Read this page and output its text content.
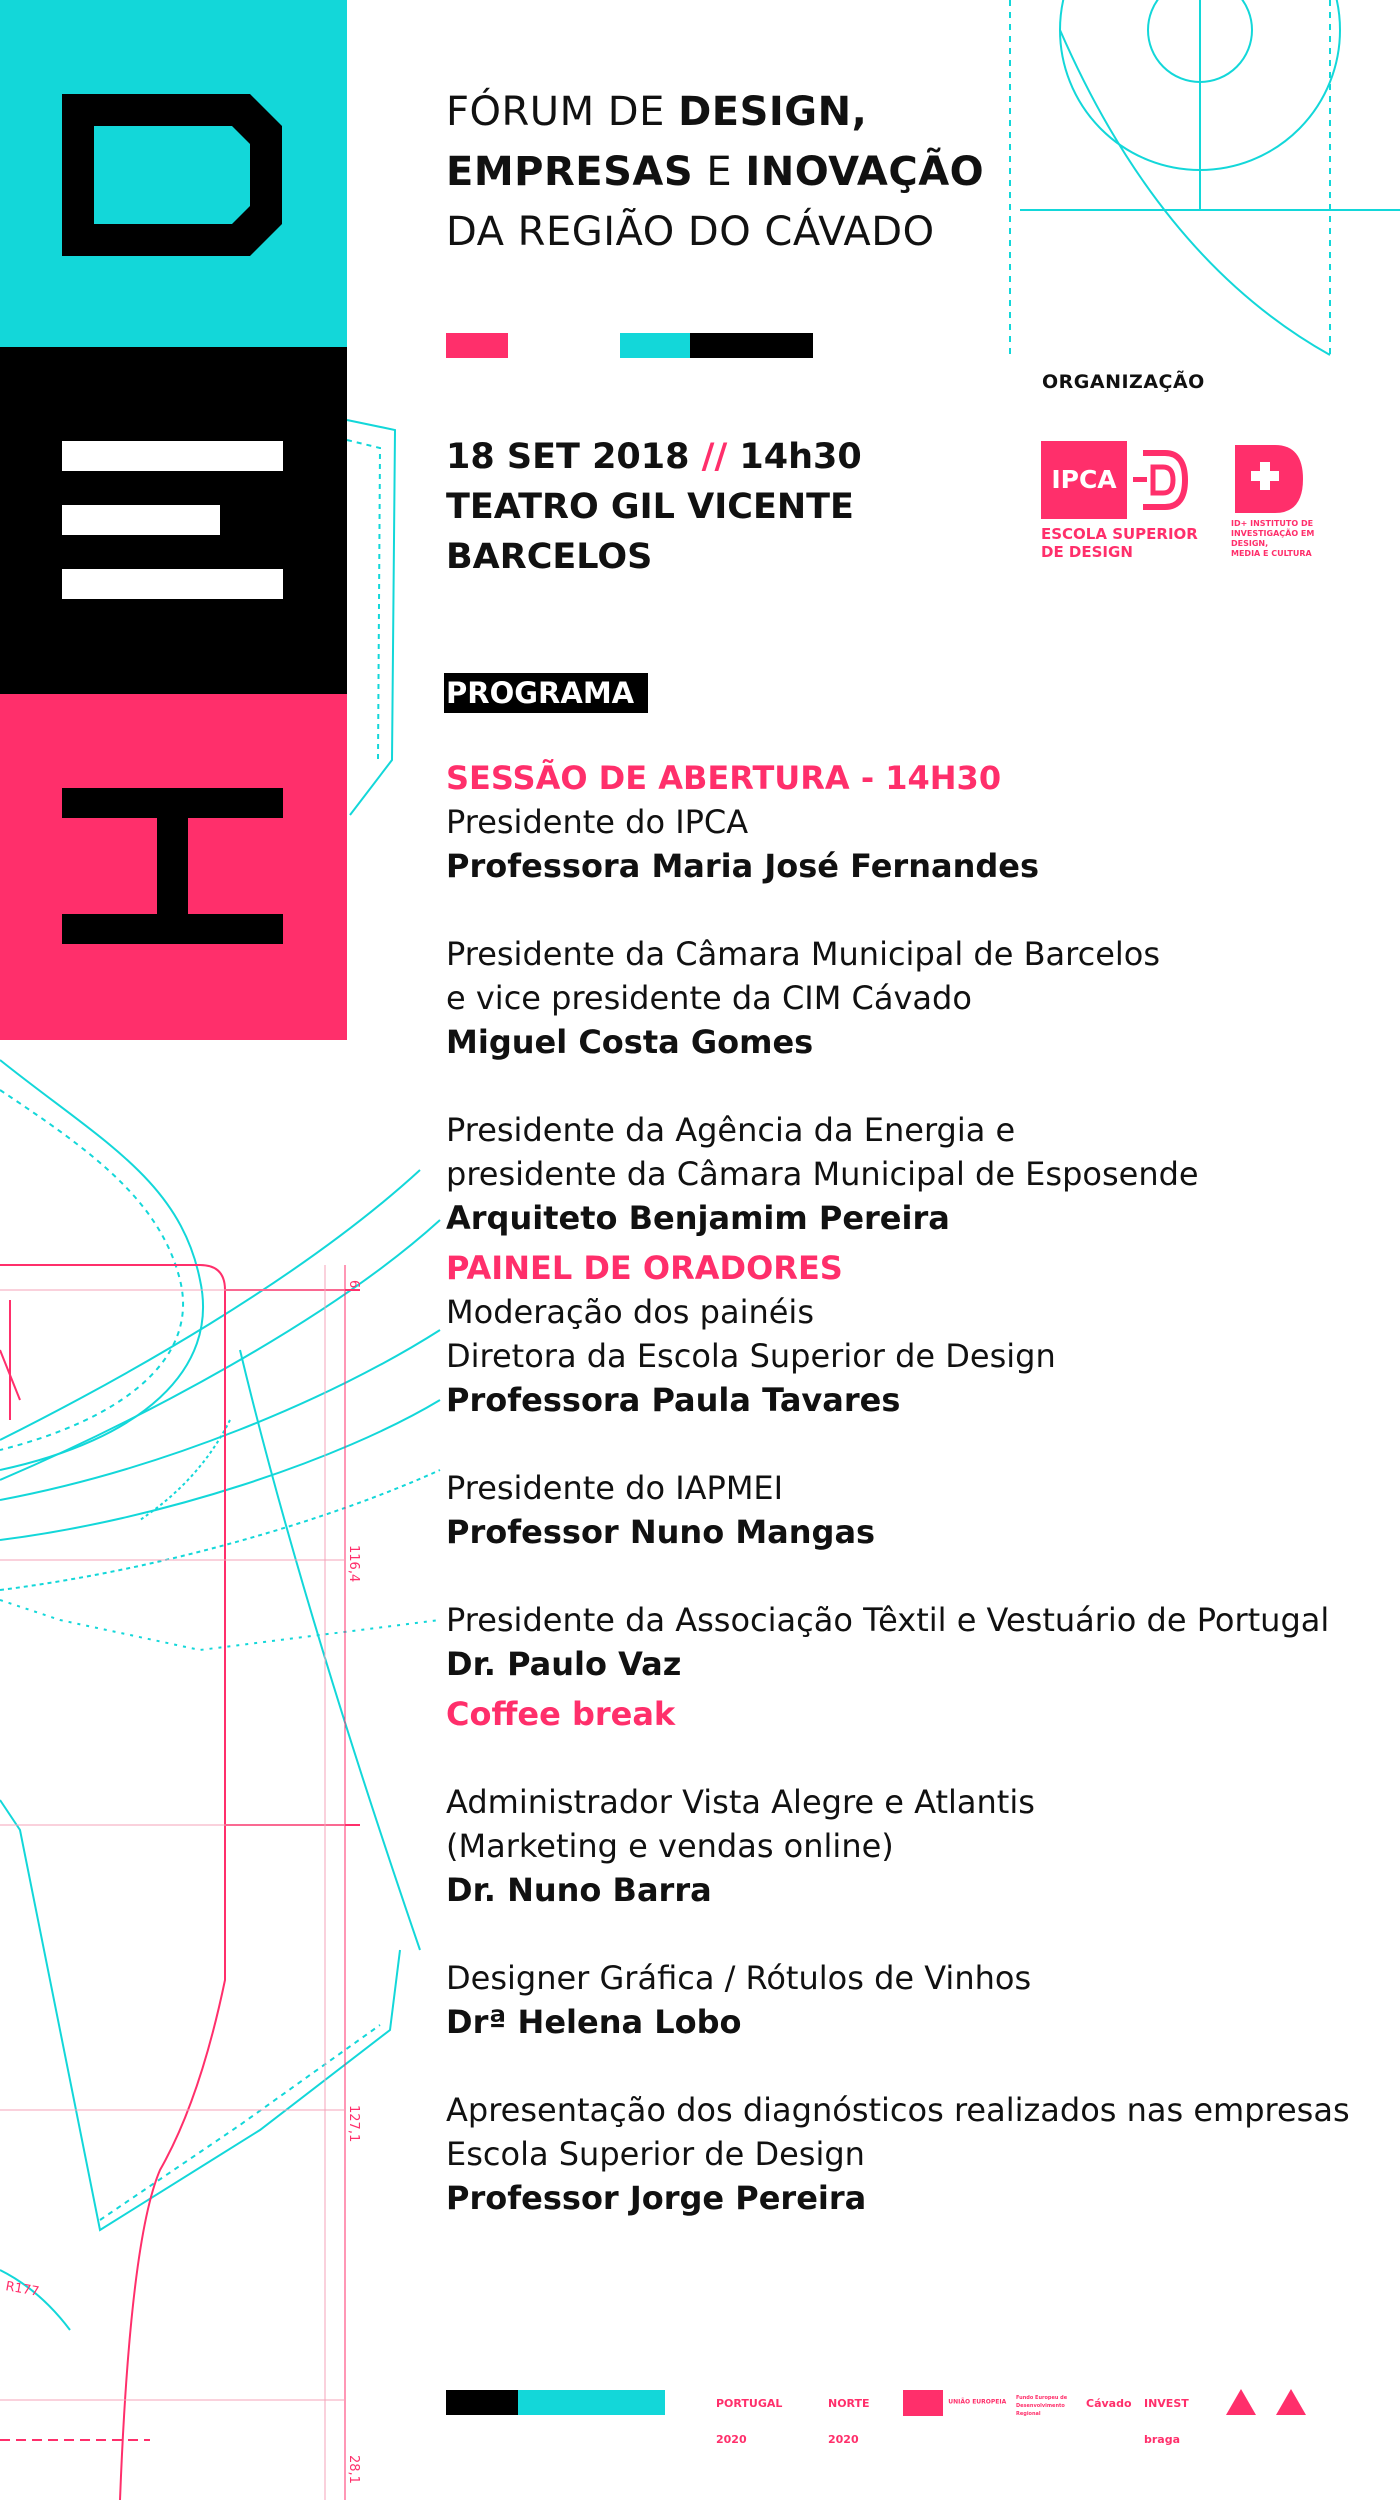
6
116,4
127,1
28,1
R177
FÓRUM DE DESIGN,
EMPRESAS E INOVAÇÃO
DA REGIÃO DO CÁVADO
18 SET 2018 // 14h30
TEATRO GIL VICENTE
BARCELOS
ORGANIZAÇÃO
IPCA
ESCOLA SUPERIOR
DE DESIGN
ID+ INSTITUTO DE
INVESTIGAÇÃO EM
DESIGN,
MEDIA E CULTURA
PROGRAMA
SESSÃO DE ABERTURA - 14H30
Presidente do IPCA
Professora Maria José Fernandes
Presidente da Câmara Municipal de Barcelos
e vice presidente da CIM Cávado
Miguel Costa Gomes
Presidente da Agência da Energia e
presidente da Câmara Municipal de Esposende
Arquiteto Benjamim Pereira
PAINEL DE ORADORES
Moderação dos painéis
Diretora da Escola Superior de Design
Professora Paula Tavares
Presidente do IAPMEI
Professor Nuno Mangas
Presidente da Associação Têxtil e Vestuário de Portugal
Dr. Paulo Vaz
Coffee break
Administrador Vista Alegre e Atlantis
(Marketing e vendas online)
Dr. Nuno Barra
Designer Gráfica / Rótulos de Vinhos
Drª Helena Lobo
Apresentação dos diagnósticos realizados nas empresas
Escola Superior de Design
Professor Jorge Pereira
PORTUGAL 2020
NORTE 2020
UNIÃO EUROPEIA
Fundo Europeu de Desenvolvimento Regional
Cávado	INVEST braga
